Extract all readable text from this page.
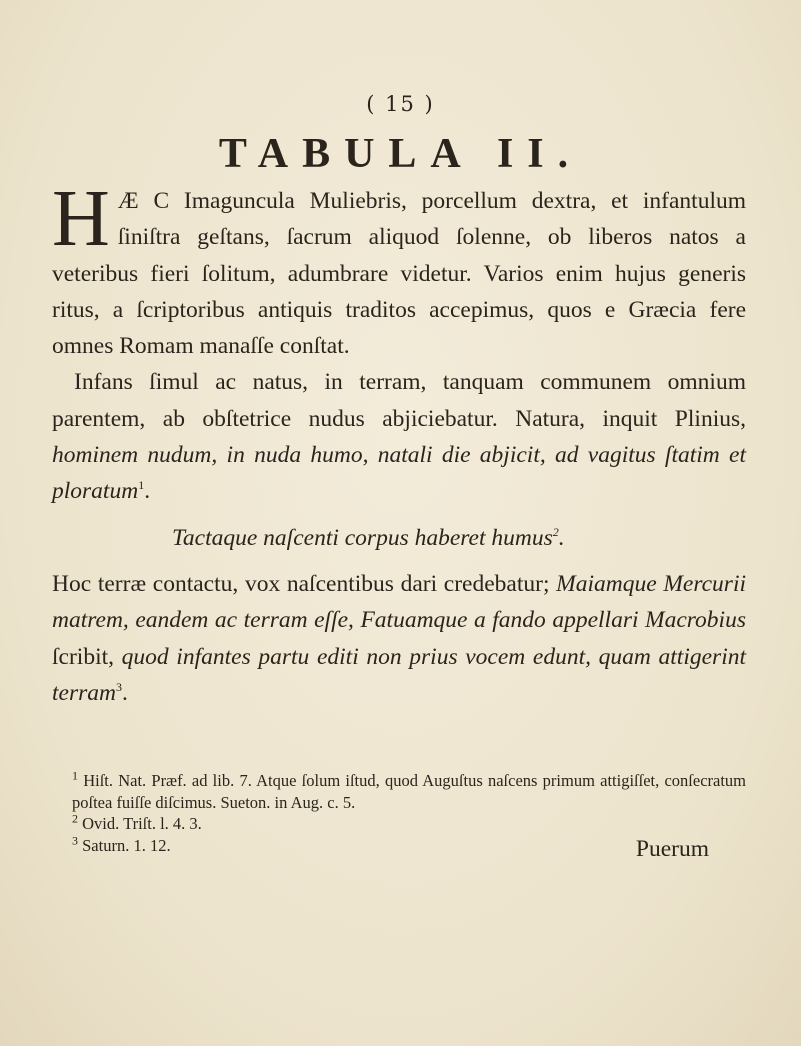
( 15 )
TABULA II.

H Æ C Imaguncula Muliebris, porcellum dextra, et infantulum ſiniſtra geſtans, ſacrum aliquod ſolenne, ob liberos natos a veteribus fieri ſolitum, adumbrare videtur. Varios enim hujus generis ritus, a ſcriptoribus antiquis traditos accepimus, quos e Græcia fere omnes Romam manaſſe conſtat.

Infans ſimul ac natus, in terram, tanquam communem omnium parentem, ab obſtetrice nudus abjiciebatur. Natura, inquit Plinius, hominem nudum, in nuda humo, natali die abjicit, ad vagitus ſtatim et ploratum$^1$.

Tactaque naſcenti corpus haberet humus$^2$.

Hoc terræ contactu, vox naſcentibus dari credebatur; Maiamque Mercurii matrem, eandem ac terram eſſe, Fatuamque a fando appellari Macrobius ſcribit, quod infantes partu editi non prius vocem edunt, quam attigerint terram$^3$.

$^1$ Hiſt. Nat. Præf. ad lib. 7. Atque ſolum iſtud, quod Auguſtus naſcens primum attigiſſet, conſecratum poſtea fuiſſe diſcimus. Sueton. in Aug. c. 5.

$^2$ Ovid. Triſt. l. 4. 3.

$^3$ Saturn. 1. 12.	Puerum
